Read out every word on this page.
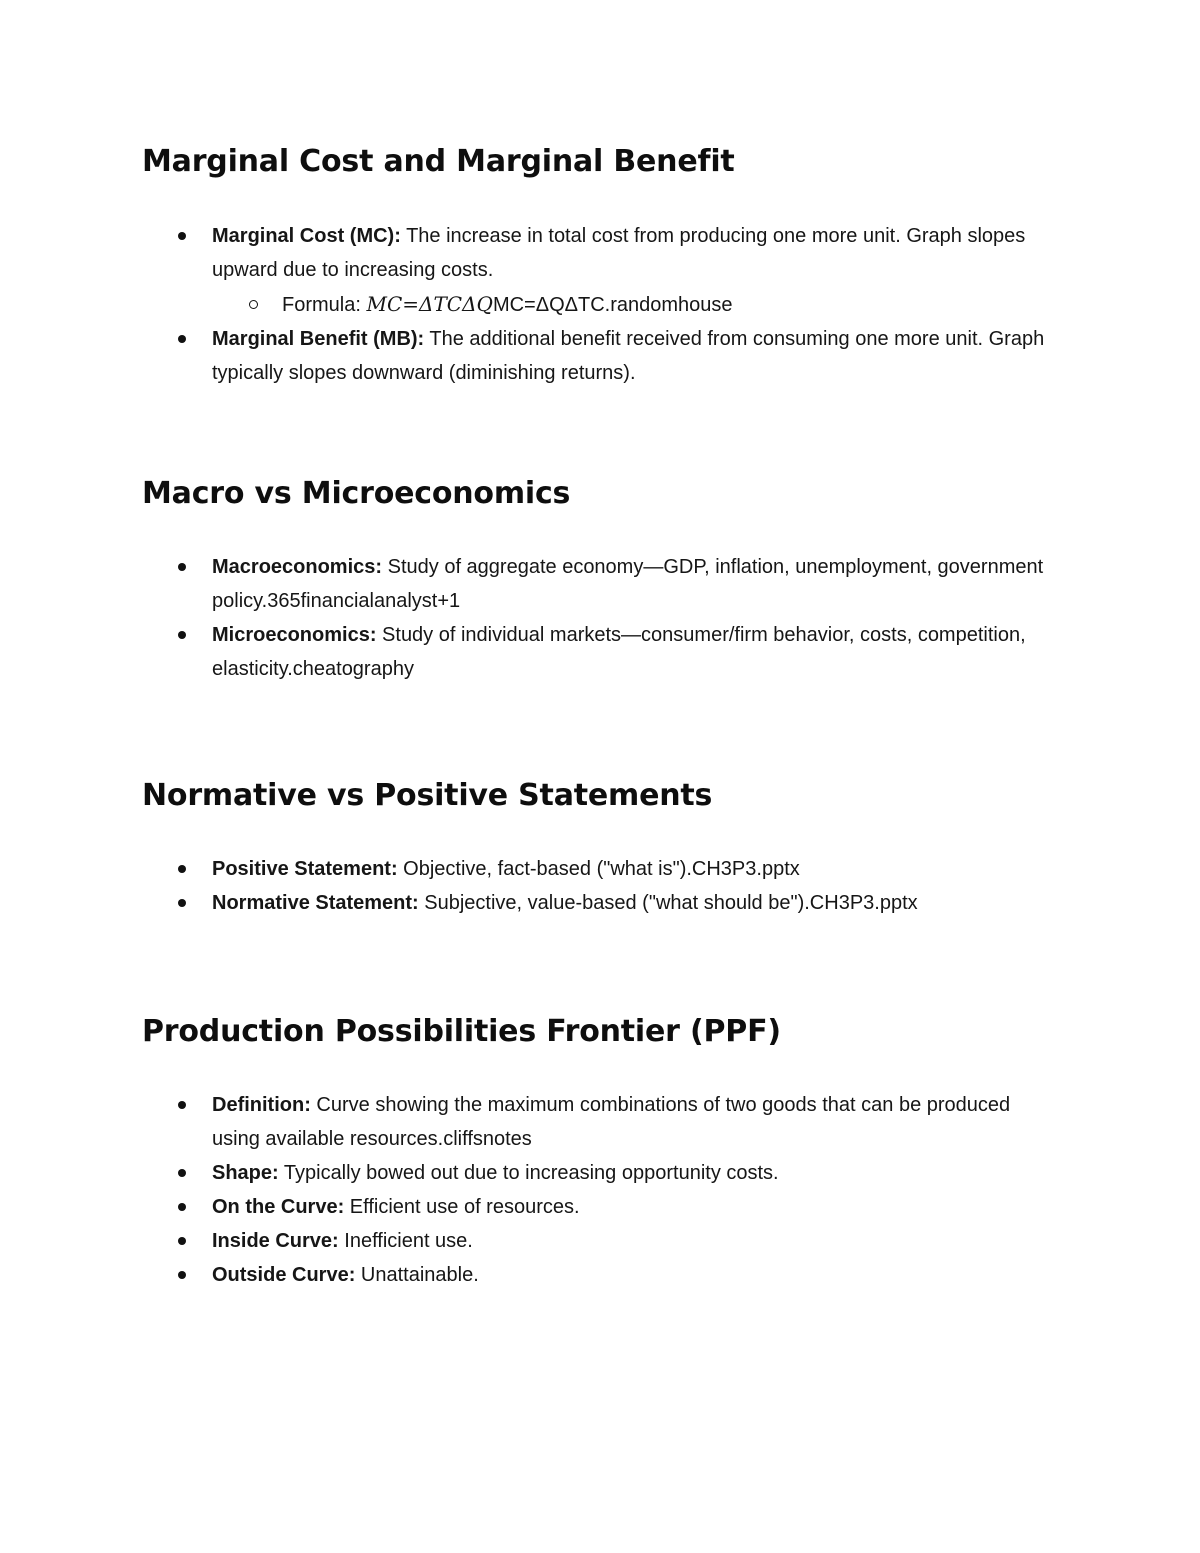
Marginal Cost and Marginal Benefit
Marginal Cost (MC): The increase in total cost from producing one more unit. Graph slopes upward due to increasing costs.
Formula: MC=ΔTCΔQMC=ΔQΔTC.randomhouse
Marginal Benefit (MB): The additional benefit received from consuming one more unit. Graph typically slopes downward (diminishing returns).
Macro vs Microeconomics
Macroeconomics: Study of aggregate economy—GDP, inflation, unemployment, government policy.365financialanalyst+1
Microeconomics: Study of individual markets—consumer/firm behavior, costs, competition, elasticity.cheatography
Normative vs Positive Statements
Positive Statement: Objective, fact-based ("what is").CH3P3.pptx
Normative Statement: Subjective, value-based ("what should be").CH3P3.pptx
Production Possibilities Frontier (PPF)
Definition: Curve showing the maximum combinations of two goods that can be produced using available resources.cliffsnotes
Shape: Typically bowed out due to increasing opportunity costs.
On the Curve: Efficient use of resources.
Inside Curve: Inefficient use.
Outside Curve: Unattainable.
